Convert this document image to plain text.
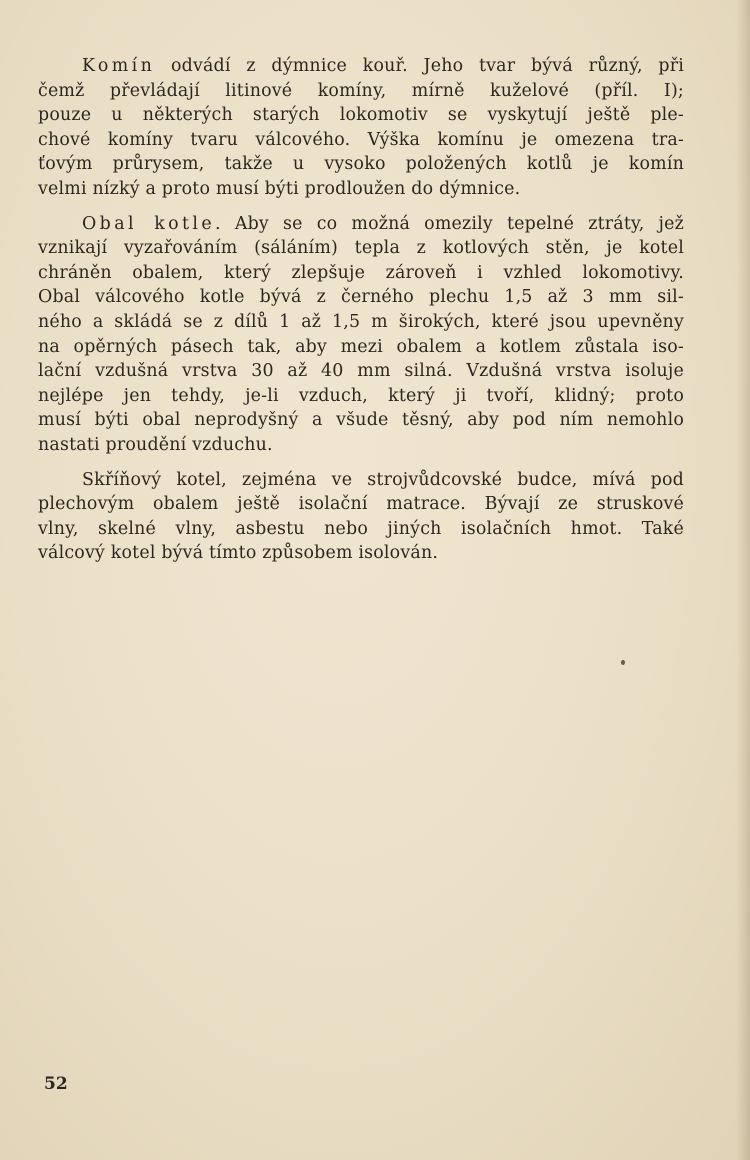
Komín odvádí z dýmnice kouř. Jeho tvar bývá různý, při
čemž převládají litinové komíny, mírně kuželové (příl. I);
pouze u některých starých lokomotiv se vyskytují ještě ple-
chové komíny tvaru válcového. Výška komínu je omezena tra-
ťovým průrysem, takže u vysoko položených kotlů je komín
velmi nízký a proto musí býti prodloužen do dýmnice.

Obal kotle. Aby se co možná omezily tepelné ztráty, jež
vznikají vyzařováním (sáláním) tepla z kotlových stěn, je kotel
chráněn obalem, který zlepšuje zároveň i vzhled lokomotivy.
Obal válcového kotle bývá z černého plechu 1,5 až 3 mm sil-
ného a skládá se z dílů 1 až 1,5 m širokých, které jsou upevněny
na opěrných pásech tak, aby mezi obalem a kotlem zůstala iso-
lační vzdušná vrstva 30 až 40 mm silná. Vzdušná vrstva isoluje
nejlépe jen tehdy, je-li vzduch, který ji tvoří, klidný; proto
musí býti obal neprodyšný a všude těsný, aby pod ním nemohlo
nastati proudění vzduchu.

Skříňový kotel, zejména ve strojvůdcovské budce, mívá pod
plechovým obalem ještě isolační matrace. Bývají ze struskové
vlny, skelné vlny, asbestu nebo jiných isolačních hmot. Také
válcový kotel bývá tímto způsobem isolován.

52
